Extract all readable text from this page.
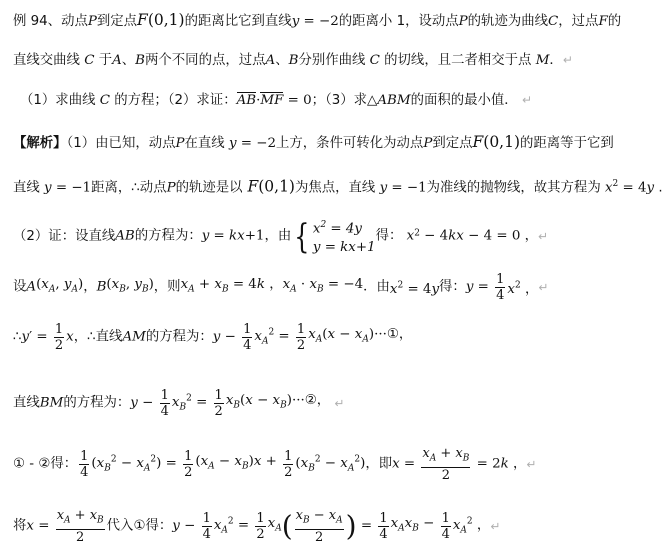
例 94、动点P到定点F(0,1)的距离比它到直线y = −2的距离小 1，设动点P的轨迹为曲线C，过点F的
直线交曲线 C 于A、B两个不同的点，过点A、B分别作曲线 C 的切线，且二者相交于点 M．↵
（1）求曲线 C 的方程；（2）求证：AB·MF = 0；（3）求△ABM的面积的最小值． ↵
【解析】（1）由已知，动点P在直线 y = −2上方，条件可转化为动点P到定点F(0,1)的距离等于它到
直线 y = −1距离，∴动点P的轨迹是以 F(0,1)为焦点，直线 y = −1为准线的抛物线，故其方程为 $x^2 = 4y$ .
（2）证：设直线AB的方程为：y = kx+1，由{ $x^2 = 4y$
y = kx+1
得： $x^2 - 4kx - 4 = 0$ ，↵
设$A(x_A$, $y_A$)，$B(x_B$, $y_B$)，则$x_A + x_B = 4k$ ，$x_A \cdot x_B = -4$．由$x^2 = 4y$得：$y = \frac{1}{4} x^2$ ，↵
∴y′ = $\frac{1}{2}$ x，∴直线AM的方程为：$y - \frac{1}{4} x_A^2 = \frac{1}{2} x_A(x$ − $x_A)\cdot\cdot\cdot ①$，
直线BM的方程为：$y - \frac{1}{4} x_B^2 = \frac{1}{2} x_B(x$ − $x_B)\cdot\cdot\cdot ②$， ↵
① - ②得： $\frac{1}{4} (x_B^2 - x_A^2) = \frac{1}{2} (x_A - x_B)x + \frac{1}{2} (x_B^2 - x_A^2)$，即$x = \frac{x_A + x_B}{2} = 2k$ ，↵
将$x = \frac{x_A + x_B}{2}$ 代入①得：$y - \frac{1}{4} x_A^2 = \frac{1}{2} x_A( \frac{x_B - x_A}{2}$ ) = $\frac{1}{4} x_Ax_B - \frac{1}{4} x_A^2$ ，↵
